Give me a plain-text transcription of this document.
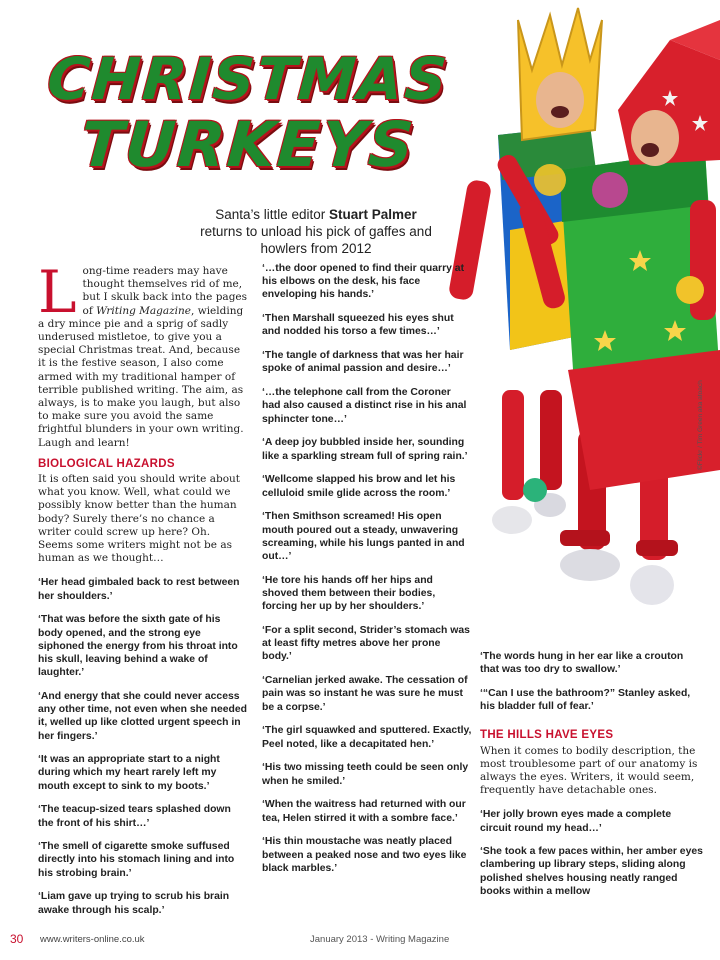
CHRISTMAS
TURKEYS
Santa’s little editor Stuart Palmer returns to unload his pick of gaffes and howlers from 2012
©Flickr / Tim Green aka atoach

Long-time readers may have thought themselves rid of me, but I skulk back into the pages of Writing Magazine, wielding a dry mince pie and a sprig of sadly underused mistletoe, to give you a special Christmas treat. And, because it is the festive season, I also come armed with my traditional hamper of terrible published writing. The aim, as always, is to make you laugh, but also to make sure you avoid the same frightful blunders in your own writing. Laugh and learn!

BIOLOGICAL HAZARDS

It is often said you should write about what you know. Well, what could we possibly know better than the human body? Surely there’s no chance a writer could screw up here? Oh. Seems some writers might not be as human as we thought…

‘Her head gimbaled back to rest between her shoulders.’

‘That was before the sixth gate of his body opened, and the strong eye siphoned the energy from his throat into his skull, leaving behind a wake of laughter.’

‘And energy that she could never access any other time, not even when she needed it, welled up like clotted urgent speech in her fingers.’

‘It was an appropriate start to a night during which my heart rarely left my mouth except to sink to my boots.’

‘The teacup-sized tears splashed down the front of his shirt…’

‘The smell of cigarette smoke suffused directly into his stomach lining and into his strobing brain.’

‘Liam gave up trying to scrub his brain awake through his scalp.’

‘…the door opened to find their quarry at his elbows on the desk, his face enveloping his hands.’

‘Then Marshall squeezed his eyes shut and nodded his torso a few times…’

‘The tangle of darkness that was her hair spoke of animal passion and desire…’

‘…the telephone call from the Coroner had also caused a distinct rise in his anal sphincter tone…’

‘A deep joy bubbled inside her, sounding like a sparkling stream full of spring rain.’

‘Wellcome slapped his brow and let his celluloid smile glide across the room.’

‘Then Smithson screamed! His open mouth poured out a steady, unwavering screaming, while his lungs panted in and out…’

‘He tore his hands off her hips and shoved them between their bodies, forcing her up by her shoulders.’

‘For a split second, Strider’s stomach was at least fifty metres above her prone body.’

‘Carnelian jerked awake. The cessation of pain was so instant he was sure he must be a corpse.’

‘The girl squawked and sputtered. Exactly, Peel noted, like a decapitated hen.’

‘His two missing teeth could be seen only when he smiled.’

‘When the waitress had returned with our tea, Helen stirred it with a sombre face.’

‘His thin moustache was neatly placed between a peaked nose and two eyes like black marbles.’

‘The words hung in her ear like a crouton that was too dry to swallow.’

‘“Can I use the bathroom?” Stanley asked, his bladder full of fear.’

THE HILLS HAVE EYES

When it comes to bodily description, the most troublesome part of our anatomy is always the eyes. Writers, it would seem, frequently have detachable ones.

‘Her jolly brown eyes made a complete circuit round my head…’

‘She took a few paces within, her amber eyes clambering up library steps, sliding along polished shelves housing neatly ranged books within a mellow

30 www.writers-online.co.uk	January 2013 - Writing Magazine
